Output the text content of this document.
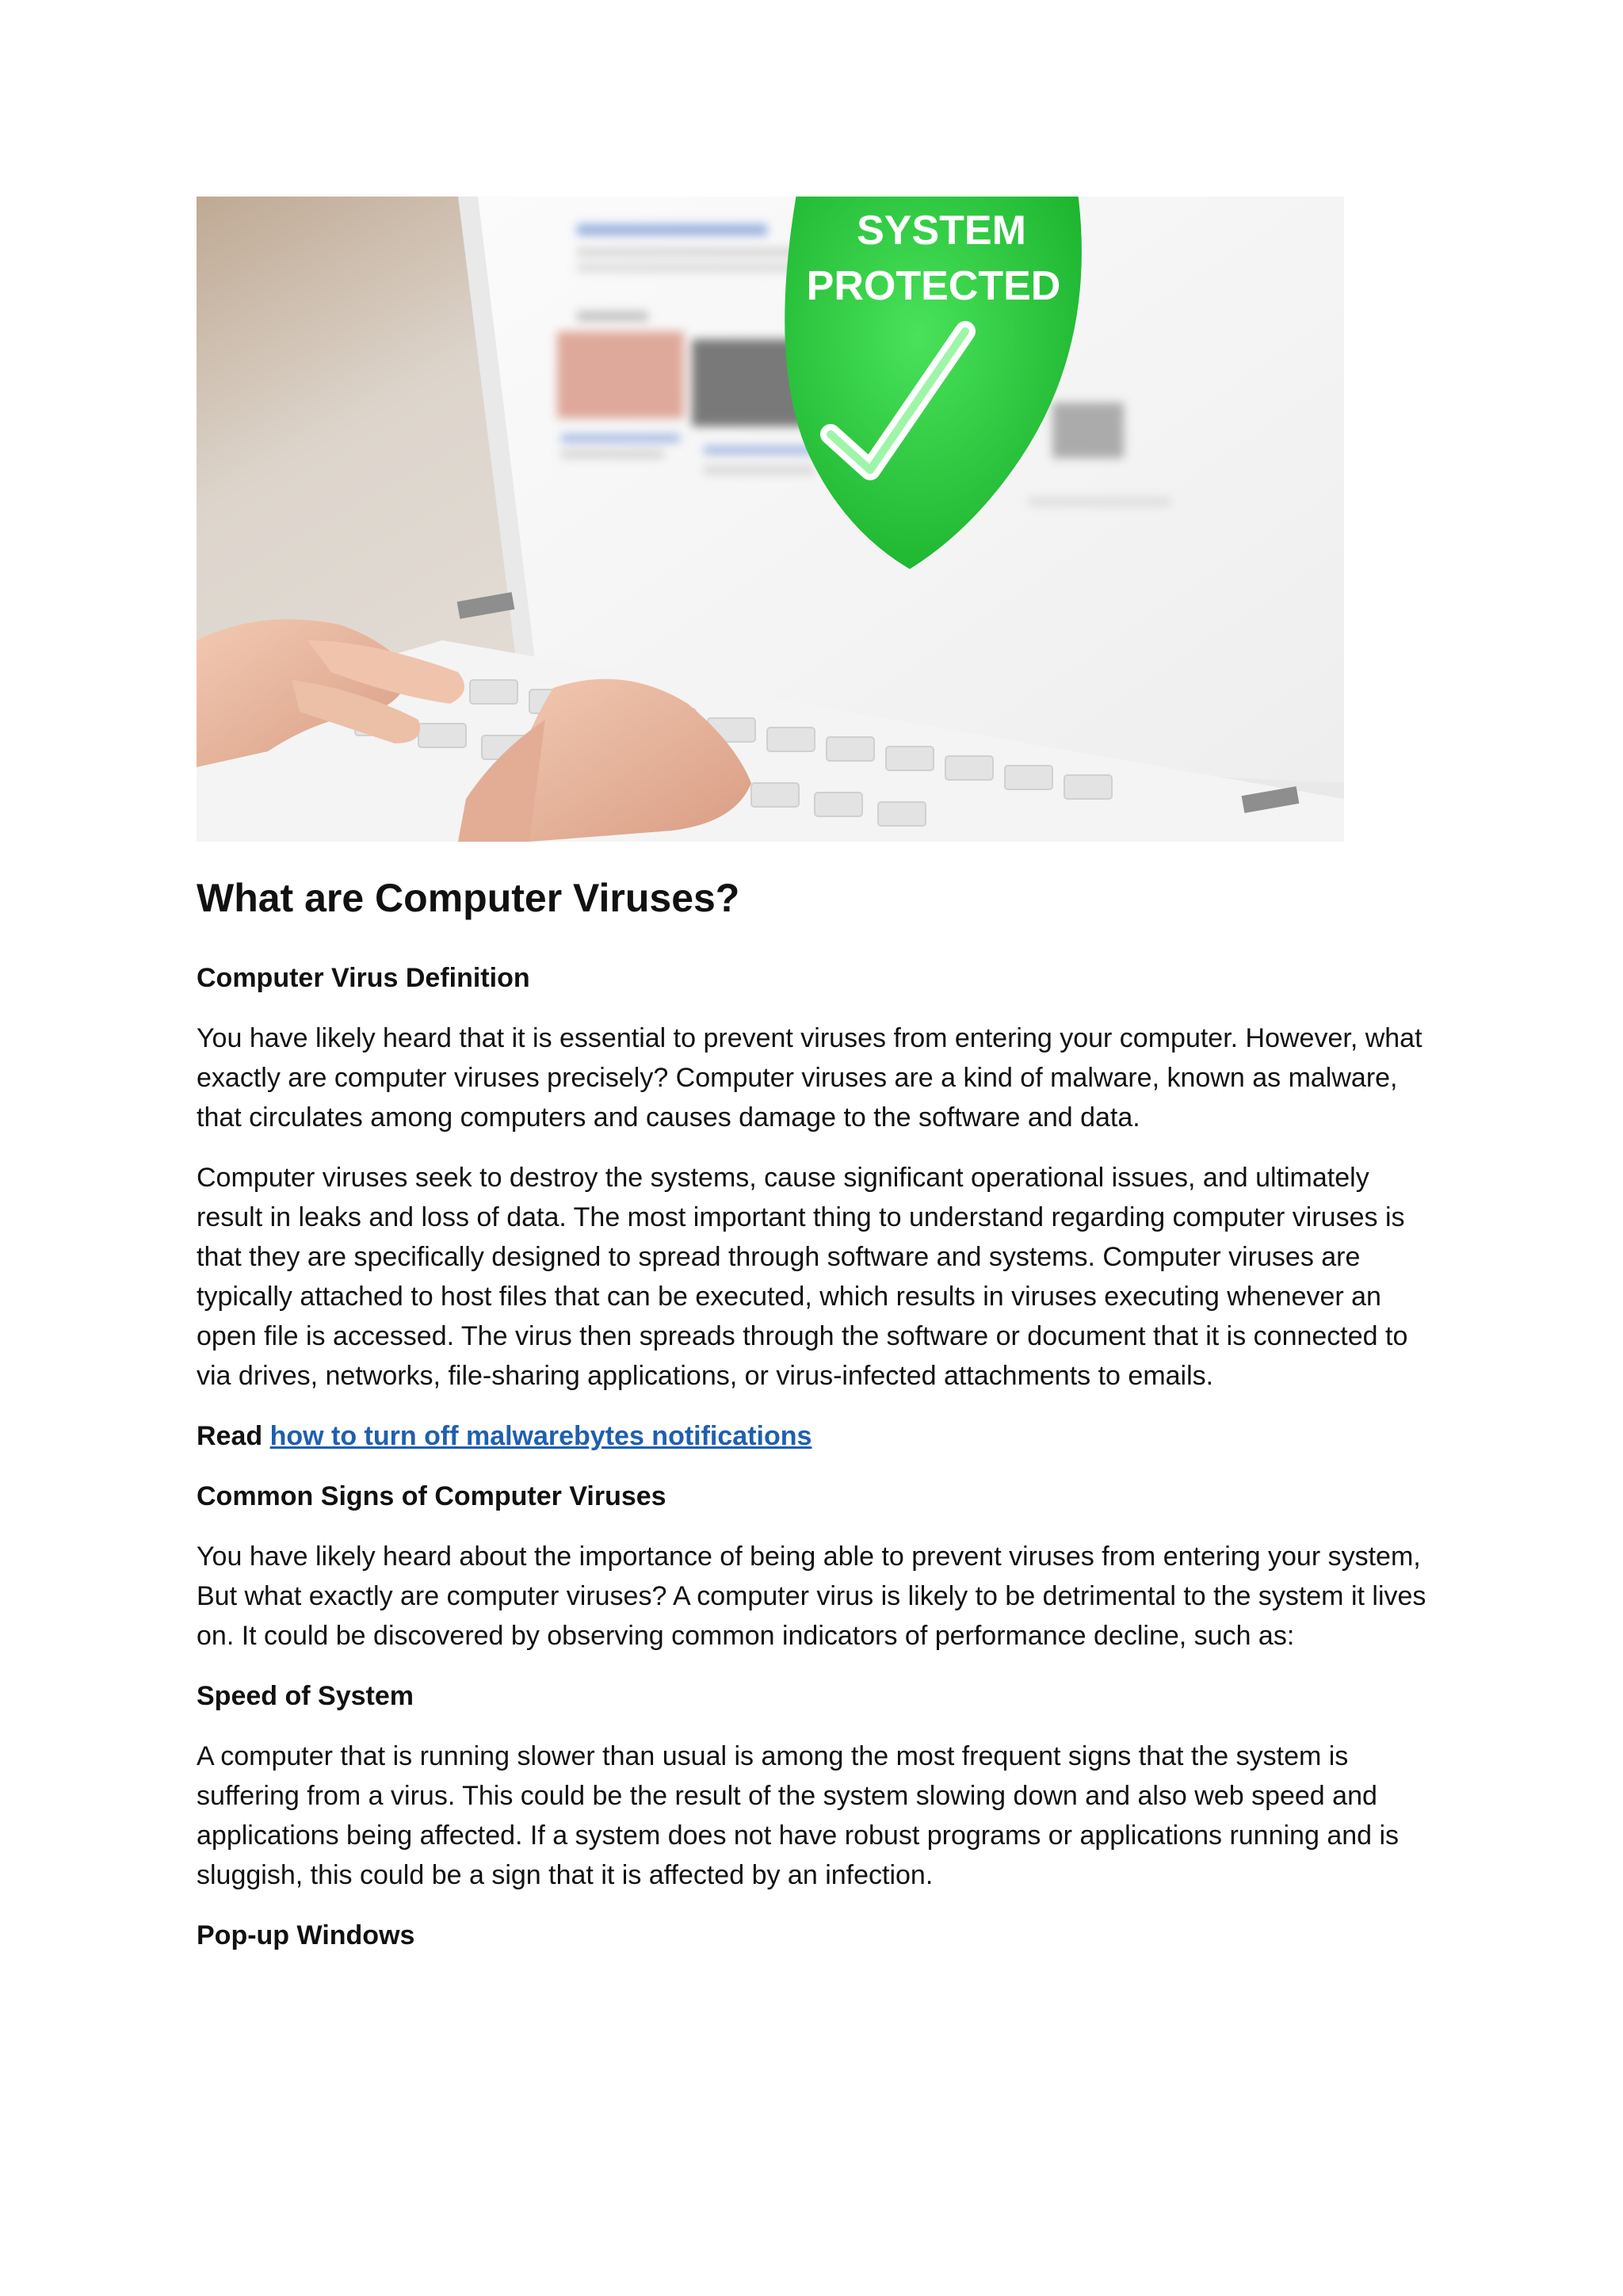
SYSTEM
PROTECTED
What are Computer Viruses?
Computer Virus Definition

You have likely heard that it is essential to prevent viruses from entering your computer. However, what exactly are computer viruses precisely? Computer viruses are a kind of malware, known as malware, that circulates among computers and causes damage to the software and data.

Computer viruses seek to destroy the systems, cause significant operational issues, and ultimately result in leaks and loss of data. The most important thing to understand regarding computer viruses is that they are specifically designed to spread through software and systems. Computer viruses are typically attached to host files that can be executed, which results in viruses executing whenever an open file is accessed. The virus then spreads through the software or document that it is connected to via drives, networks, file-sharing applications, or virus-infected attachments to emails.

Read how to turn off malwarebytes notifications
Common Signs of Computer Viruses

You have likely heard about the importance of being able to prevent viruses from entering your system, But what exactly are computer viruses? A computer virus is likely to be detrimental to the system it lives on. It could be discovered by observing common indicators of performance decline, such as:

Speed of System

A computer that is running slower than usual is among the most frequent signs that the system is suffering from a virus. This could be the result of the system slowing down and also web speed and applications being affected. If a system does not have robust programs or applications running and is sluggish, this could be a sign that it is affected by an infection.

Pop-up Windows
